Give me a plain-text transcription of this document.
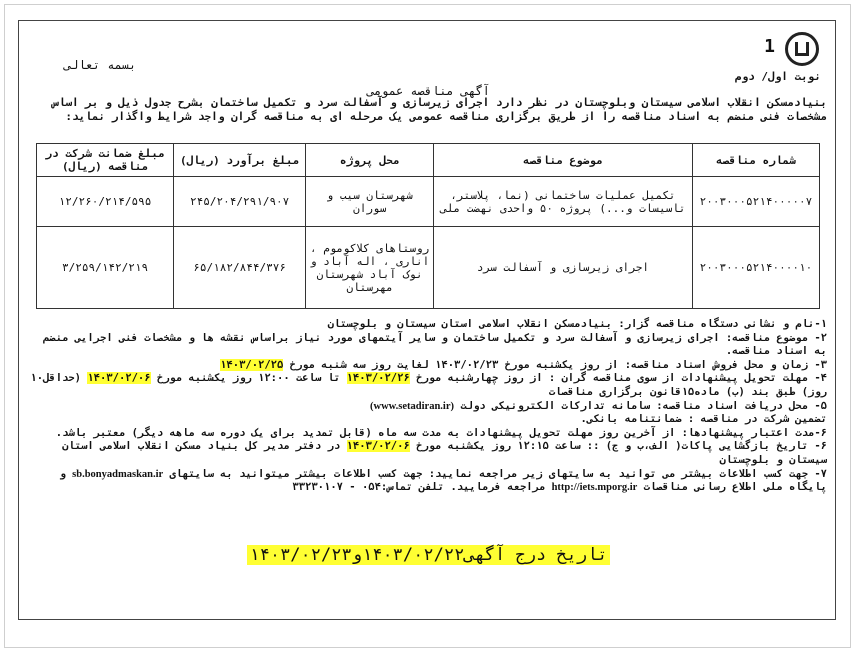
1
بسمه تعالی
نوبت اول/ دوم
آگهی مناقصه عمومی
بنیادمسکن انقلاب اسلامی سیستان وبلوچستان در نظر دارد اجرای زیرسازی و آسفالت سرد و تکمیل ساختمان بشرح جدول ذیل و بر اساس مشخصات فنی منضم به اسناد مناقصه را از طریق برگزاری مناقصه عمومی یک مرحله ای به مناقصه گران واجد شرایط واگذار نماید:
شماره مناقصه	موضوع مناقصه	محل پروژه	مبلغ برآورد (ریال)	مبلغ ضمانت شرکت در مناقصه (ریال)
۲۰۰۳۰۰۰۵۲۱۴۰۰۰۰۰۷	تکمیل عملیات ساختمانی (نما، پلاستر، تاسیسات و...) پروژه ۵۰ واحدی نهضت ملی	شهرستان سیب و سوران	۲۴۵/۲۰۴/۲۹۱/۹۰۷	۱۲/۲۶۰/۲۱۴/۵۹۵
۲۰۰۳۰۰۰۵۲۱۴۰۰۰۰۱۰	اجرای زیرسازی و آسفالت سرد	روستاهای کلاکوموم ، اناری ، اله آباد و نوک آباد شهرستان مهرستان	۶۵/۱۸۲/۸۴۴/۳۷۶	۳/۲۵۹/۱۴۲/۲۱۹

۱-نام و نشانی دستگاه مناقصه گزار: بنیادمسکن انقلاب اسلامی استان سیستان و بلوچستان

۲- موضوع مناقصه: اجرای زیرسازی و آسفالت سرد و تکمیل ساختمان و سایر آیتمهای مورد نیاز براساس نقشه ها و مشخصات فنی اجرایی منضم به اسناد مناقصه.

۳- زمان و محل فروش اسناد مناقصه: از روز یکشنبه مورخ ۱۴۰۳/۰۲/۲۳ لغایت روز سه شنبه مورخ ۱۴۰۳/۰۲/۲۵

۴- مهلت تحویل پیشنهادات از سوی مناقصه گران : از روز چهارشنبه مورخ ۱۴۰۳/۰۲/۲۶ تا ساعت ۱۲:۰۰ روز یکشنبه مورخ ۱۴۰۳/۰۲/۰۶ (حداقل۱۰ روز) طبق بند (ب) ماده۱۵قانون برگزاری مناقصات

۵- محل دریافت اسناد مناقصه: سامانه تدارکات الکترونیکی دولت (www.setadiran.ir)

تضمین شرکت در مناقصه : ضمانتنامه بانکی.

۶-مدت اعتبار پیشنهادها: از آخرین روز مهلت تحویل پیشنهادات به مدت سه ماه (قابل تمدید برای یک دوره سه ماهه دیگر) معتبر باشد.

۶- تاریخ بازگشایی پاکات( الف،ب و ج) :: ساعت ۱۲:۱۵ روز یکشنبه مورخ ۱۴۰۳/۰۲/۰۶ در دفتر مدیر کل بنیاد مسکن انقلاب اسلامی استان سیستان و بلوچستان

۷- جهت کسب اطلاعات بیشتر می توانید به سایتهای زیر مراجعه نمایید: جهت کسب اطلاعات بیشتر میتوانید به سایتهای sb.bonyadmaskan.ir و پایگاه ملی اطلاع رسانی مناقصات http://iets.mporg.ir مراجعه فرمایید. تلفن تماس:۰۵۴ - ۳۳۲۳۰۱۰۷

تاریخ درج آگهی۱۴۰۳/۰۲/۲۲و۱۴۰۳/۰۲/۲۳
